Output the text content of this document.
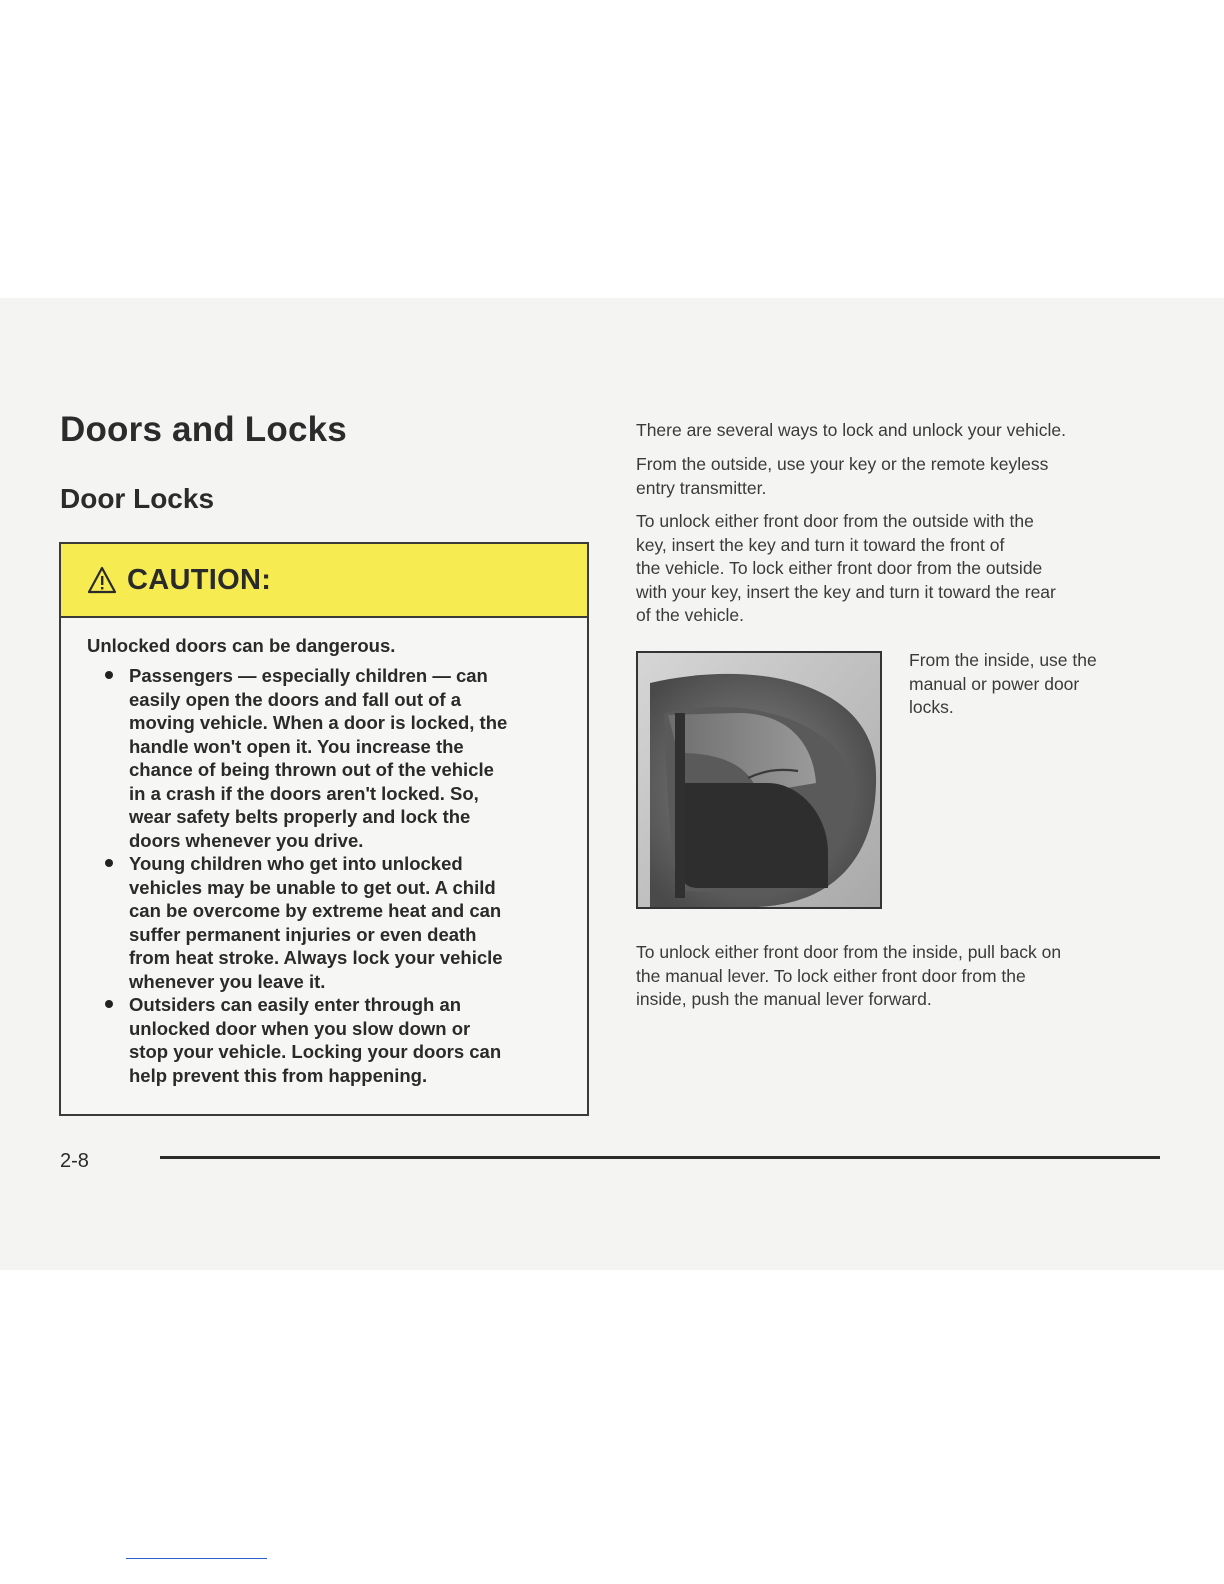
Doors and Locks
Door Locks
CAUTION:

Unlocked doors can be dangerous.

Passengers — especially children — can
easily open the doors and fall out of a
moving vehicle. When a door is locked, the
handle won't open it. You increase the
chance of being thrown out of the vehicle
in a crash if the doors aren't locked. So,
wear safety belts properly and lock the
doors whenever you drive.
Young children who get into unlocked
vehicles may be unable to get out. A child
can be overcome by extreme heat and can
suffer permanent injuries or even death
from heat stroke. Always lock your vehicle
whenever you leave it.
Outsiders can easily enter through an
unlocked door when you slow down or
stop your vehicle. Locking your doors can
help prevent this from happening.

There are several ways to lock and unlock your vehicle.

From the outside, use your key or the remote keyless
entry transmitter.

To unlock either front door from the outside with the
key, insert the key and turn it toward the front of
the vehicle. To lock either front door from the outside
with your key, insert the key and turn it toward the rear
of the vehicle.

From the inside, use the
manual or power door
locks.

To unlock either front door from the inside, pull back on
the manual lever. To lock either front door from the
inside, push the manual lever forward.

2-8
